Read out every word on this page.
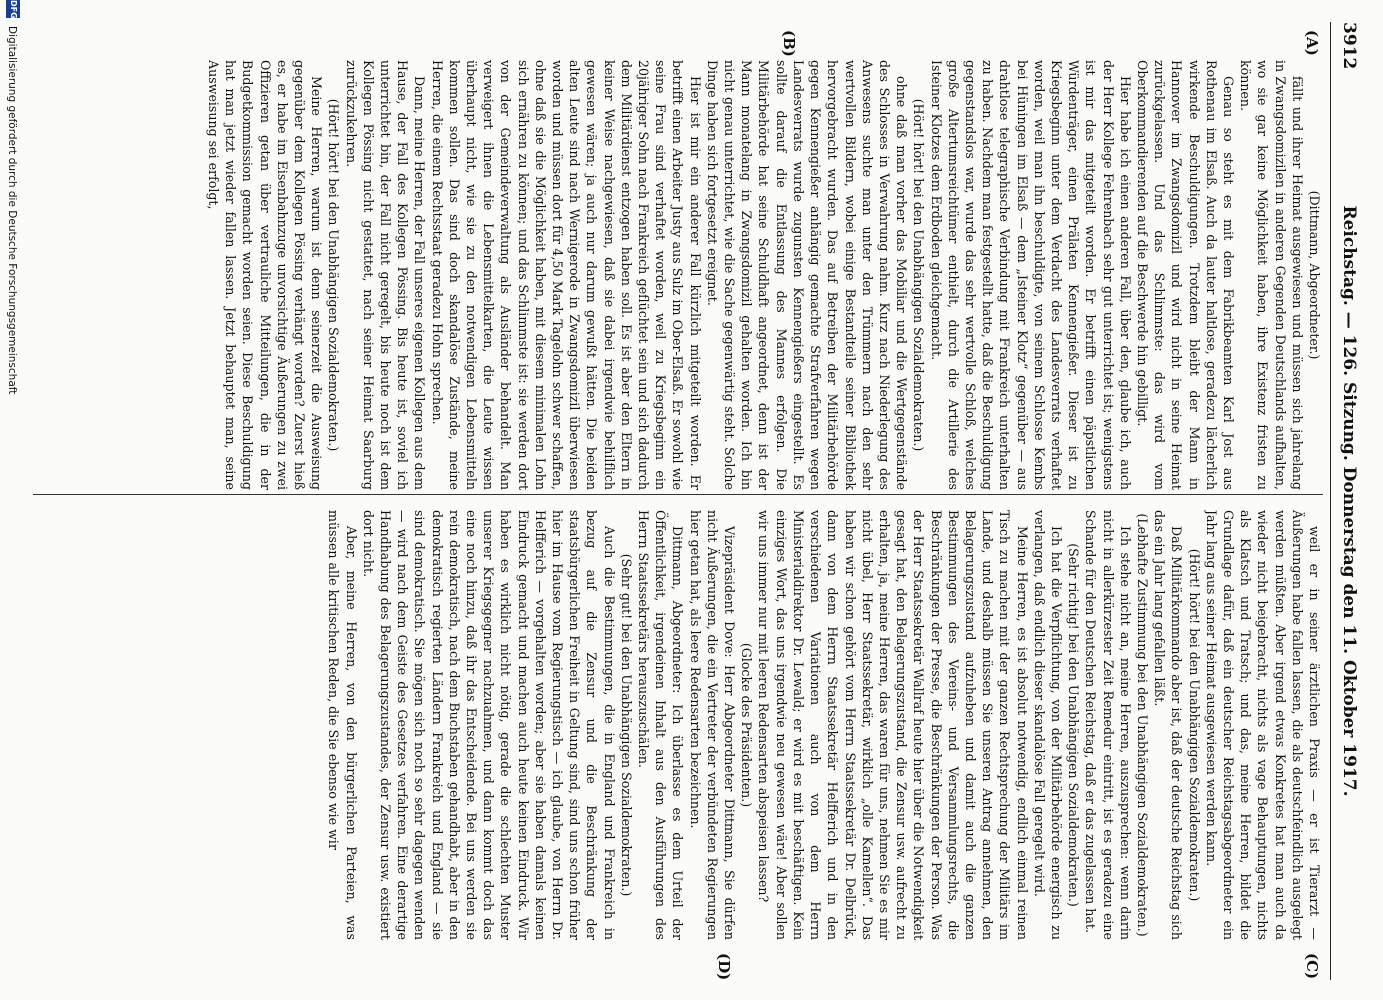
3912
Reichstag. — 126. Sitzung. Donnerstag den 11. Oktober 1917.
(A)
(B)
(C)
(D)

(Dittmann, Abgeordneter.)

fällt und ihrer Heimat ausgewiesen und müssen sich jahrelang in Zwangsdomizilen in anderen Gegenden Deutschlands aufhalten, wo sie gar keine Möglichkeit haben, ihre Existenz fristen zu können.

Genau so steht es mit dem Fabrikbeamten Karl Jost aus Rothenau im Elsaß. Auch da lauter haltlose, geradezu lächerlich wirkende Beschuldigungen. Trotzdem bleibt der Mann in Hannover im Zwangsdomizil und wird nicht in seine Heimat zurückgelassen. Und das Schlimmste: das wird vom Oberkommandierenden auf die Beschwerde hin gebilligt.

Hier habe ich einen anderen Fall, über den, glaube ich, auch der Herr Kollege Fehrenbach sehr gut unterrichtet ist; wenigstens ist mir das mitgeteilt worden. Er betrifft einen päpstlichen Würdenträger, einen Prälaten Kennengießer. Dieser ist zu Kriegsbeginn unter dem Verdacht des Landesverrats verhaftet worden, weil man ihn beschuldigte, von seinem Schlosse Kembs bei Hüningen im Elsaß — dem „Isteiner Klotz“ gegenüber — aus drahtlose telegraphische Verbindung mit Frankreich unterhalten zu haben. Nachdem man festgestellt hatte, daß die Beschuldigung gegenstandslos war, wurde das sehr wertvolle Schloß, welches große Altertumsreichtümer enthielt, durch die Artillerie des Isteiner Klotzes dem Erdboden gleichgemacht.

(Hört! hört! bei den Unabhängigen Sozialdemokraten.)

ohne daß man vorher das Mobiliar und die Wertgegenstände des Schlosses in Verwahrung nahm. Kurz nach Niederlegung des Anwesens suchte man unter den Trümmern nach den sehr wertvollen Bildern, wobei einige Bestandteile seiner Bibliothek hervorgebracht wurden. Das auf Betreiben der Militärbehörde gegen Kennengießer anhängig gemachte Strafverfahren wegen Landesverrats wurde zugunsten Kennengießers eingestellt. Es sollte darauf die Entlassung des Mannes erfolgen. Die Militärbehörde hat seine Schuldhaft angeordnet, denn ist der Mann monatelang in Zwangsdomizil gehalten worden. Ich bin nicht genau unterrichtet, wie die Sache gegenwärtig steht. Solche Dinge haben sich fortgesetzt ereignet.

Hier ist mir ein anderer Fall kürzlich mitgeteilt worden. Er betrifft einen Arbeiter Justy aus Sulz im Ober-Elsaß. Er sowohl wie seine Frau sind verhaftet worden, weil zu Kriegsbeginn ein 20jähriger Sohn nach Frankreich geflüchtet sein und sich dadurch dem Militärdienst entzogen haben soll. Es ist aber den Eltern in keiner Weise nachgewiesen, daß sie dabei irgendwie behilflich gewesen wären; ja auch nur darum gewußt hätten. Die beiden alten Leute sind nach Wernigerode in Zwangsdomizil überwiesen worden und müssen dort für 4,50 Mark Tagelohn schwer schaffen, ohne daß sie die Möglichkeit haben, mit diesem minimalen Lohn sich ernähren zu können; und das Schlimmste ist: sie werden dort von der Gemeindeverwaltung als Ausländer behandelt. Man verweigert ihnen die Lebensmittelkarten, die Leute wissen überhaupt nicht, wie sie zu den notwendigen Lebensmitteln kommen sollen. Das sind doch skandalöse Zustände, meine Herren, die einem Rechtsstaat geradezu Hohn sprechen.

Dann, meine Herren, der Fall unseres eigenen Kollegen aus dem Hause, der Fall des Kollegen Pössing. Bis heute ist, soviel ich unterrichtet bin, der Fall nicht geregelt, bis heute noch ist dem Kollegen Pössing nicht gestattet, nach seiner Heimat Saarburg zurückzukehren.

(Hört! hört! bei den Unabhängigen Sozialdemokraten.)

Meine Herren, warum ist denn seinerzeit die Ausweisung gegenüber dem Kollegen Pössing verhängt worden? Zuerst hieß es, er habe im Eisenbahnzuge unvorsichtige Äußerungen zu zwei Offizieren getan über vertrauliche Mitteilungen, die in der Budgetkommission gemacht worden seien. Diese Beschuldigung hat man jetzt wieder fallen lassen. Jetzt behauptet man, seine Ausweisung sei erfolgt,

weil er in seiner ärztlichen Praxis — er ist Tierarzt — Äußerungen habe fallen lassen, die als deutschfeindlich ausgelegt werden müßten. Aber irgend etwas Konkretes hat man auch da wieder nicht beigebracht, nichts als vage Behauptungen, nichts als Klatsch und Tratsch; und das, meine Herren, bildet die Grundlage dafür, daß ein deutscher Reichstagsabgeordneter ein Jahr lang aus seiner Heimat ausgewiesen werden kann.

(Hört! hört! bei den Unabhängigen Sozialdemokraten.)

Daß Militärkommando aber ist, daß der deutsche Reichstag sich das ein Jahr lang gefallen läßt.

(Lebhafte Zustimmung bei den Unabhängigen Sozialdemokraten.)

Ich stehe nicht an, meine Herren, auszusprechen: wenn darin nicht in allerkürzester Zeit Remedur eintritt, ist es geradezu eine Schande für den Deutschen Reichstag, daß er das zugelassen hat.

(Sehr richtig! bei den Unabhängigen Sozialdemokraten.)

Ich hat die Verpflichtung, von der Militärbehörde energisch zu verlangen, daß endlich dieser skandalöse Fall geregelt wird.

Meine Herren, es ist absolut notwendig, endlich einmal reinen Tisch zu machen mit der ganzen Rechtsprechung der Militärs im Lande, und deshalb müssen Sie unseren Antrag annehmen, den Belagerungszustand aufzuheben und damit auch die ganzen Bestimmungen des Vereins- und Versammlungsrechts, die Beschränkungen der Presse, die Beschränkungen der Person. Was der Herr Staatssekretär Wallraf heute hier über die Notwendigkeit gesagt hat, den Belagerungszustand, die Zensur usw. aufrecht zu erhalten, ja, meine Herren, das waren für uns, nehmen Sie es mir nicht übel, Herr Staatssekretär, wirklich „olle Kamellen“. Das haben wir schon gehört vom Herrn Staatssekretär Dr. Delbrück, dann von dem Herrn Staatssekretär Helfferich und in den verschiedenen Variationen auch von dem Herrn Ministerialdirektor Dr. Lewald; er wird es mit beschäftigen. Kein einziges Wort, das uns irgendwie neu gewesen wäre! Aber sollen wir uns immer nur mit leeren Redensarten abspeisen lassen?

(Glocke des Präsidenten.)

Vizepräsident Dove: Herr Abgeordneter Dittmann, Sie dürfen nicht Äußerungen, die ein Vertreter der verbündeten Regierungen hier getan hat, als leere Redensarten bezeichnen.

Dittmann, Abgeordneter: Ich überlasse es dem Urteil der Öffentlichkeit, irgendeinen Inhalt aus den Ausführungen des Herrn Staatssekretärs herauszuschälen.

(Sehr gut! bei den Unabhängigen Sozialdemokraten.)

Auch die Bestimmungen, die in England und Frankreich in bezug auf die Zensur und die Beschränkung der staatsbürgerlichen Freiheit in Geltung sind, sind uns schon früher hier im Hause vom Regierungstisch — ich glaube, von Herrn Dr. Helfferich — vorgehalten worden; aber sie haben damals keinen Eindruck gemacht und machen auch heute keinen Eindruck. Wir haben es wirklich nicht nötig, gerade die schlechten Muster unserer Kriegsgegner nachzuahmen, und dann kommt doch das eine noch hinzu, daß ihr das Entscheidende. Bei uns werden sie rein demokratisch, nach dem Buchstaben gehandhabt, aber in den demokratisch regierten Ländern Frankreich und England — sie sind demokratisch. Sie mögen sich noch so sehr dagegen wenden — wird nach dem Geiste des Gesetzes verfahren. Eine derartige Handhabung des Belagerungszustandes, der Zensur usw. existiert dort nicht.

Aber, meine Herren, von den bürgerlichen Parteien, was müssen alle kritischen Reden, die Sie ebenso wie wir

DFG
Digitalisierung gefördert durch die Deutsche Forschungsgemeinschaft
